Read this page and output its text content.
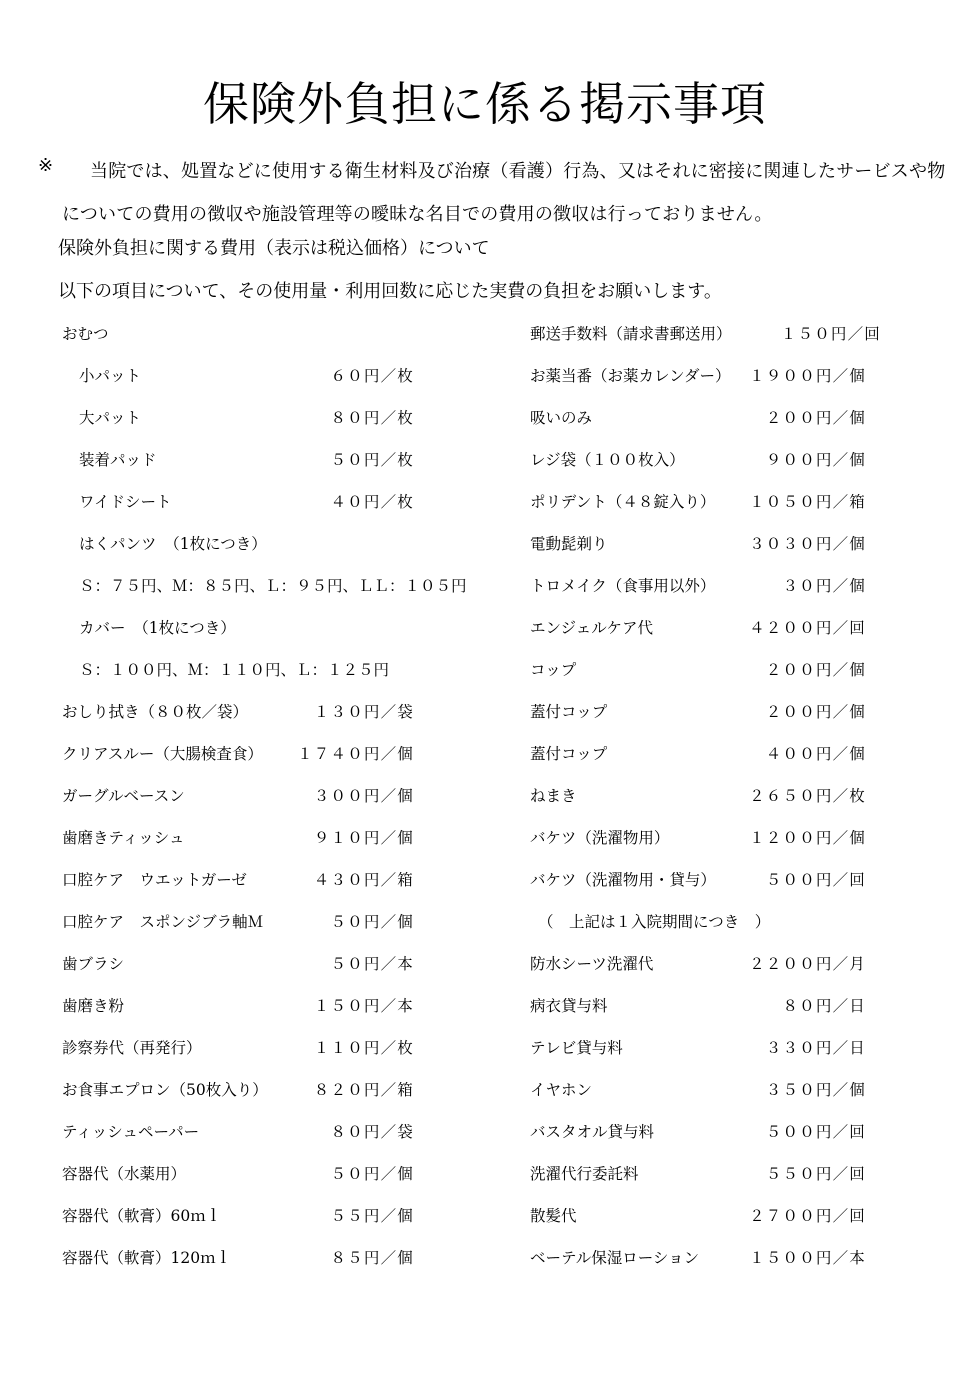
保険外負担に係る掲示事項
※	当院では、処置などに使用する衛生材料及び治療（看護）行為、又はそれに密接に関連したサービスや物についての費用の徴収や施設管理等の曖昧な名目での費用の徴収は行っておりません。
保険外負担に関する費用（表示は税込価格）について
以下の項目について、その使用量・利用回数に応じた実費の負担をお願いします。
おむつ
小パット	６０円／枚
大パット	８０円／枚
装着パッド	５０円／枚
ワイドシート	４０円／枚
はくパンツ　（1枚につき）
Ｓ：７５円、Ｍ：８５円、Ｌ：９５円、ＬＬ：１０５円
カバー　（1枚につき）
Ｓ：１００円、Ｍ：１１０円、Ｌ：１２５円
おしり拭き（８０枚／袋）	１３０円／袋
クリアスルー（大腸検査食） １７４０円／個
ガーグルベースン	３００円／個
歯磨きティッシュ	９１０円／個
口腔ケア　ウエットガーゼ	４３０円／箱
口腔ケア　スポンジブラ軸Ｍ	５０円／個
歯ブラシ	５０円／本
歯磨き粉	１５０円／本
診察券代（再発行）	１１０円／枚
お食事エプロン（50枚入り）	８２０円／箱
ティッシュペーパー	８０円／袋
容器代（水薬用）	５０円／個
容器代（軟膏）60ｍｌ	５５円／個
容器代（軟膏）120ｍｌ	８５円／個
郵送手数料（請求書郵送用）	１５０円／回
お薬当番（お薬カレンダー） １９００円／個
吸いのみ	２００円／個
レジ袋（１００枚入）	９００円／個
ポリデント（４８錠入り） １０５０円／箱
電動髭剃り	３０３０円／個
トロメイク（食事用以外）	３０円／個
エンジェルケア代	４２００円／回
コップ	２００円／個
蓋付コップ	２００円／個
蓋付コップ	４００円／個
ねまき	２６５０円／枚
バケツ（洗濯物用）	１２００円／個
バケツ（洗濯物用・貸与）	５００円／回
（　上記は１入院期間につき　）
防水シーツ洗濯代	２２００円／月
病衣貸与料	８０円／日
テレビ貸与料	３３０円／日
イヤホン	３５０円／個
バスタオル貸与料	５００円／回
洗濯代行委託料	５５０円／回
散髪代	２７００円／回
ベーテル保湿ローション	１５００円／本
